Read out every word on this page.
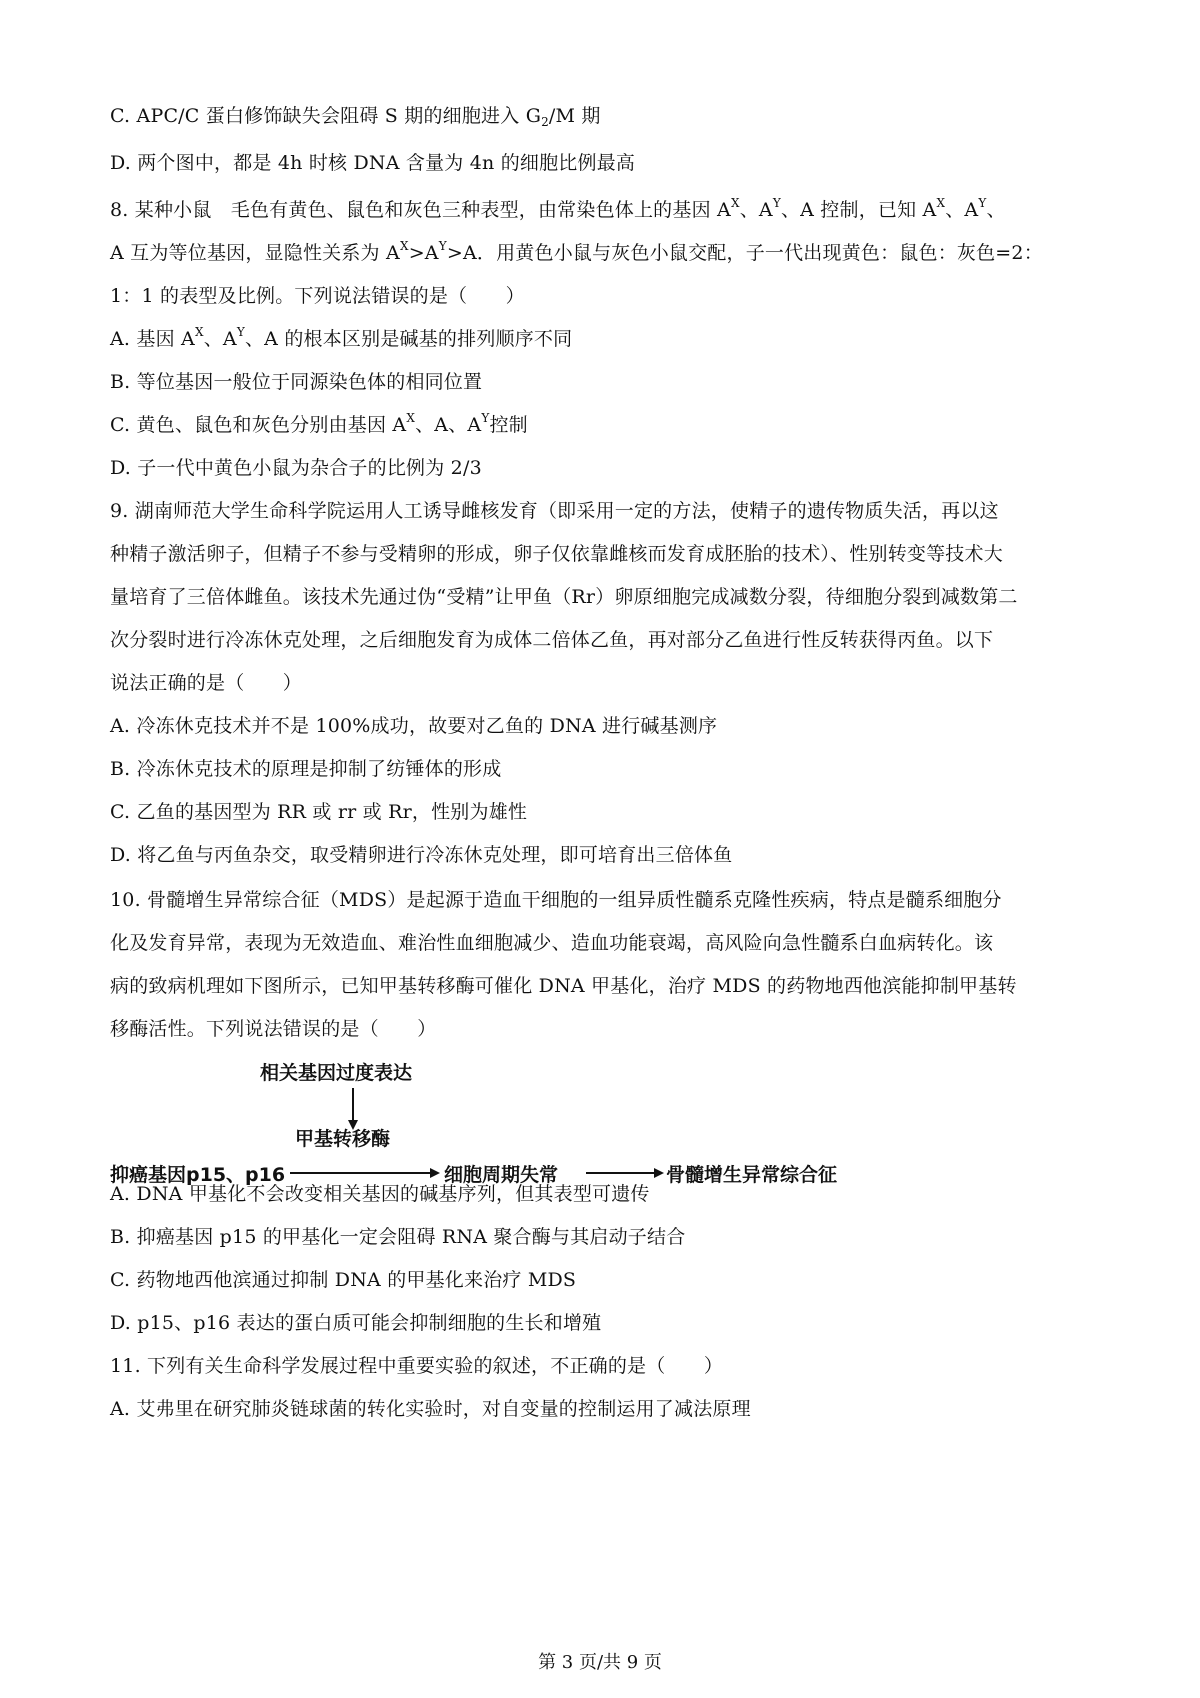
C. APC/C 蛋白修饰缺失会阻碍 S 期的细胞进入 $G_2/M$ 期
D. 两个图中，都是 4h 时核 DNA 含量为 4n 的细胞比例最高
8. 某种小鼠　毛色有黄色、鼠色和灰色三种表型，由常染色体上的基因 $A^X$、$A^Y$、A 控制，已知 $A^X$、$A^Y$、
A 互为等位基因，显隐性关系为 $A^X>A^Y>A$．用黄色小鼠与灰色小鼠交配，子一代出现黄色：鼠色：灰色=2：
1：1 的表型及比例。下列说法错误的是（　　）
A. 基因 $A^X$、$A^Y$、A 的根本区别是碱基的排列顺序不同
B. 等位基因一般位于同源染色体的相同位置
C. 黄色、鼠色和灰色分别由基因 $A^X$、A、$A^Y$控制
D. 子一代中黄色小鼠为杂合子的比例为 2/3
9. 湖南师范大学生命科学院运用人工诱导雌核发育（即采用一定的方法，使精子的遗传物质失活，再以这
种精子激活卵子，但精子不参与受精卵的形成，卵子仅依靠雌核而发育成胚胎的技术）、性别转变等技术大
量培育了三倍体雌鱼。该技术先通过伪“受精”让甲鱼（Rr）卵原细胞完成减数分裂，待细胞分裂到减数第二
次分裂时进行冷冻休克处理，之后细胞发育为成体二倍体乙鱼，再对部分乙鱼进行性反转获得丙鱼。以下
说法正确的是（　　）
A. 冷冻休克技术并不是 100%成功，故要对乙鱼的 DNA 进行碱基测序
B. 冷冻休克技术的原理是抑制了纺锤体的形成
C. 乙鱼的基因型为 RR 或 rr 或 Rr，性别为雄性
D. 将乙鱼与丙鱼杂交，取受精卵进行冷冻休克处理，即可培育出三倍体鱼
10. 骨髓增生异常综合征（MDS）是起源于造血干细胞的一组异质性髓系克隆性疾病，特点是髓系细胞分
化及发育异常，表现为无效造血、难治性血细胞减少、造血功能衰竭，高风险向急性髓系白血病转化。该
病的致病机理如下图所示，已知甲基转移酶可催化 DNA 甲基化，治疗 MDS 的药物地西他滨能抑制甲基转
移酶活性。下列说法错误的是（　　）
相关基因过度表达
甲基转移酶
抑癌基因p15、p16	细胞周期失常	骨髓增生异常综合征
A. DNA 甲基化不会改变相关基因的碱基序列，但其表型可遗传
B. 抑癌基因 p15 的甲基化一定会阻碍 RNA 聚合酶与其启动子结合
C. 药物地西他滨通过抑制 DNA 的甲基化来治疗 MDS
D. p15、p16 表达的蛋白质可能会抑制细胞的生长和增殖
11. 下列有关生命科学发展过程中重要实验的叙述，不正确的是（　　）
A. 艾弗里在研究肺炎链球菌的转化实验时，对自变量的控制运用了减法原理
第 3 页/共 9 页
